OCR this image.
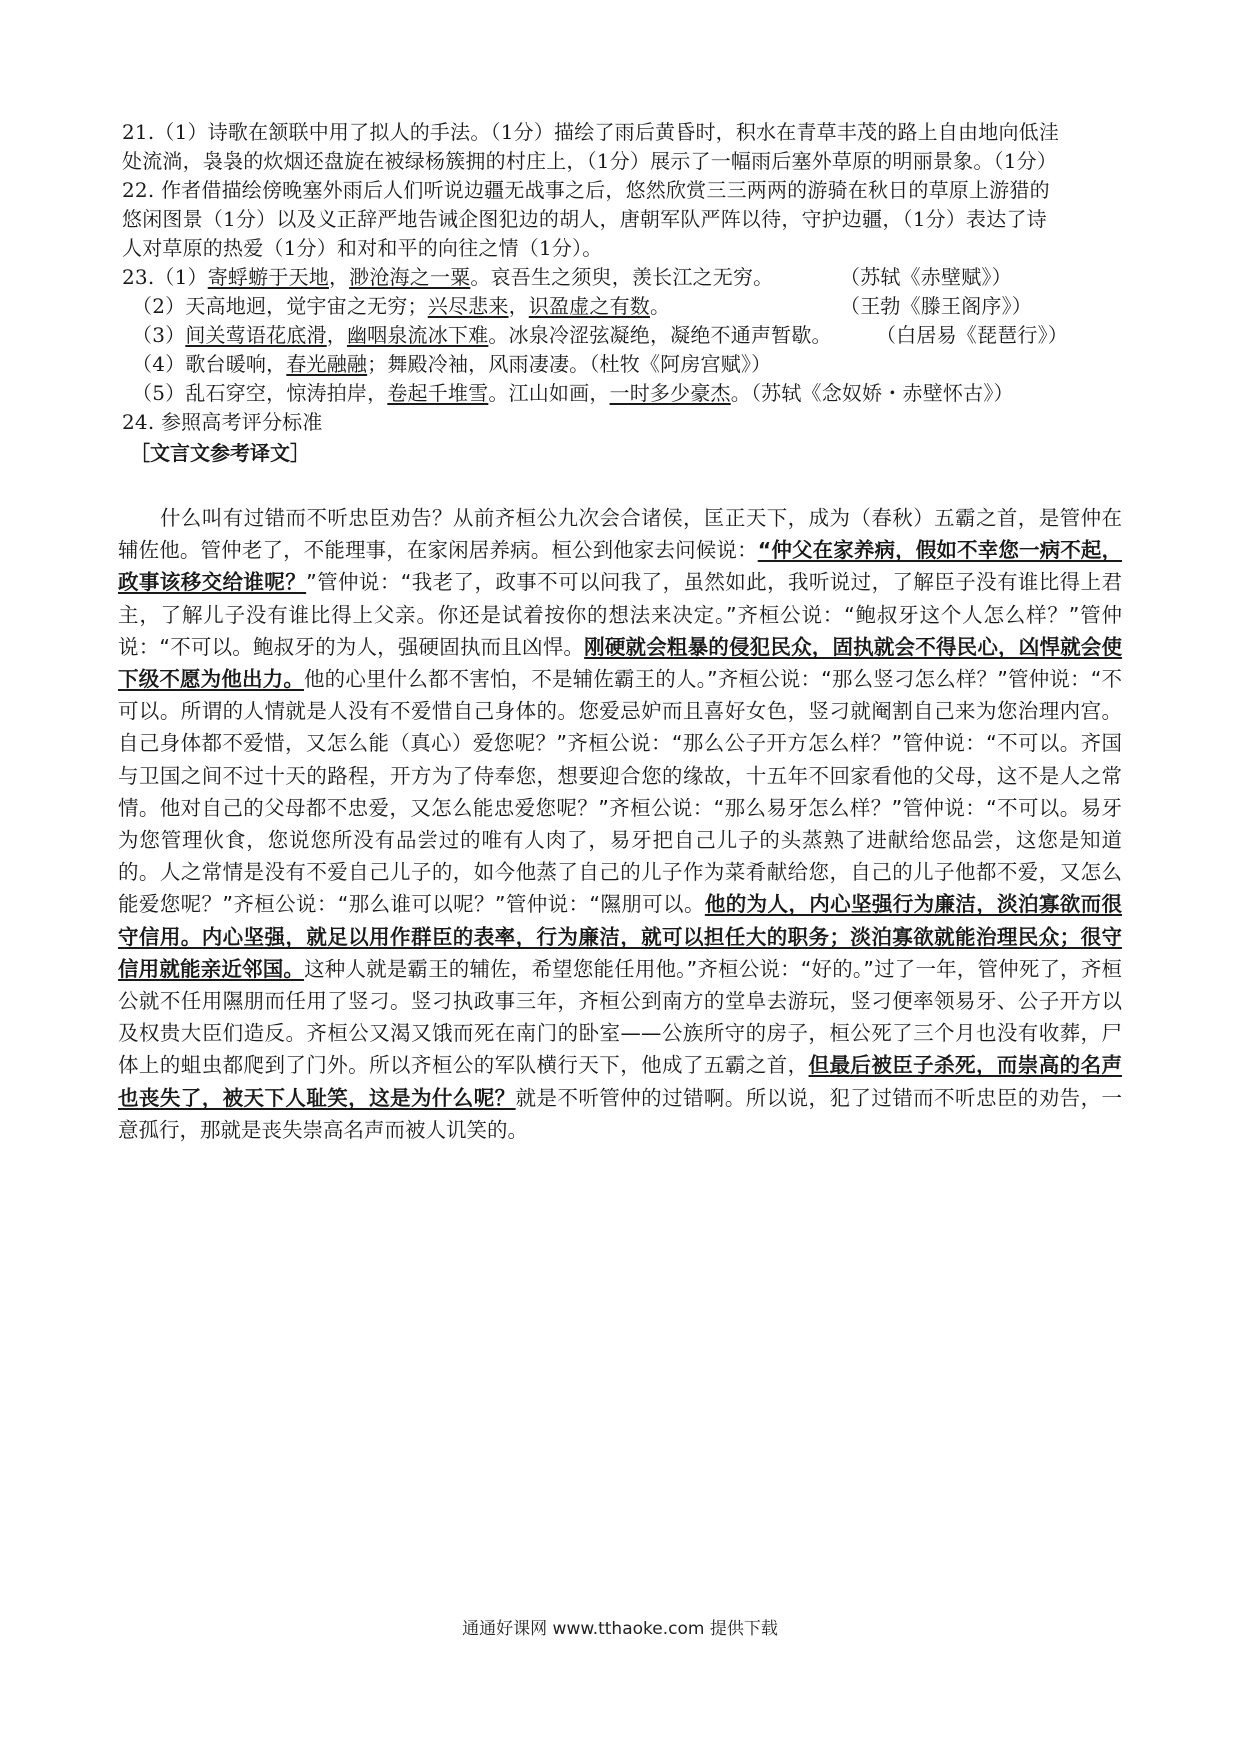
21.（1）诗歌在颔联中用了拟人的手法。（1分）描绘了雨后黄昏时，积水在青草丰茂的路上自由地向低洼
处流淌，袅袅的炊烟还盘旋在被绿杨簇拥的村庄上，（1分）展示了一幅雨后塞外草原的明丽景象。（1分）
22. 作者借描绘傍晚塞外雨后人们听说边疆无战事之后，悠然欣赏三三两两的游骑在秋日的草原上游猎的
悠闲图景（1分）以及义正辞严地告诫企图犯边的胡人，唐朝军队严阵以待，守护边疆，（1分）表达了诗
人对草原的热爱（1分）和对和平的向往之情（1分）。
23.（1）寄蜉蝣于天地，渺沧海之一粟。哀吾生之须臾，羡长江之无穷。	（苏轼《赤壁赋》）
（2）天高地迥，觉宇宙之无穷；兴尽悲来，识盈虚之有数。	（王勃《滕王阁序》）
（3）间关莺语花底滑，幽咽泉流冰下难。冰泉冷涩弦凝绝，凝绝不通声暂歇。 （白居易《琵琶行》）
（4）歌台暖响，春光融融；舞殿冷袖，风雨凄凄。（杜牧《阿房宫赋》）
（5）乱石穿空，惊涛拍岸，卷起千堆雪。江山如画，一时多少豪杰。（苏轼《念奴娇・赤壁怀古》）
24. 参照高考评分标准
［文言文参考译文］

什么叫有过错而不听忠臣劝告？从前齐桓公九次会合诸侯，匡正天下，成为（春秋）五霸之首，是管仲在辅佐他。管仲老了，不能理事，在家闲居养病。桓公到他家去问候说：“仲父在家养病，假如不幸您一病不起，政事该移交给谁呢？”管仲说：“我老了，政事不可以问我了，虽然如此，我听说过，了解臣子没有谁比得上君主，了解儿子没有谁比得上父亲。你还是试着按你的想法来决定。”齐桓公说：“鲍叔牙这个人怎么样？”管仲说：“不可以。鲍叔牙的为人，强硬固执而且凶悍。刚硬就会粗暴的侵犯民众，固执就会不得民心，凶悍就会使下级不愿为他出力。他的心里什么都不害怕，不是辅佐霸王的人。”齐桓公说：“那么竖刁怎么样？”管仲说：“不可以。所谓的人情就是人没有不爱惜自己身体的。您爱忌妒而且喜好女色，竖刁就阉割自己来为您治理内宫。自己身体都不爱惜，又怎么能（真心）爱您呢？”齐桓公说：“那么公子开方怎么样？”管仲说：“不可以。齐国与卫国之间不过十天的路程，开方为了侍奉您，想要迎合您的缘故，十五年不回家看他的父母，这不是人之常情。他对自己的父母都不忠爱，又怎么能忠爱您呢？”齐桓公说：“那么易牙怎么样？”管仲说：“不可以。易牙为您管理伙食，您说您所没有品尝过的唯有人肉了，易牙把自己儿子的头蒸熟了进献给您品尝，这您是知道的。人之常情是没有不爱自己儿子的，如今他蒸了自己的儿子作为菜肴献给您，自己的儿子他都不爱，又怎么能爱您呢？”齐桓公说：“那么谁可以呢？”管仲说：“隰朋可以。他的为人，内心坚强行为廉洁，淡泊寡欲而很守信用。内心坚强，就足以用作群臣的表率，行为廉洁，就可以担任大的职务；淡泊寡欲就能治理民众；很守信用就能亲近邻国。这种人就是霸王的辅佐，希望您能任用他。”齐桓公说：“好的。”过了一年，管仲死了，齐桓公就不任用隰朋而任用了竖刁。竖刁执政事三年，齐桓公到南方的堂阜去游玩，竖刁便率领易牙、公子开方以及权贵大臣们造反。齐桓公又渴又饿而死在南门的卧室——公族所守的房子，桓公死了三个月也没有收葬，尸体上的蛆虫都爬到了门外。所以齐桓公的军队横行天下，他成了五霸之首，但最后被臣子杀死，而崇高的名声也丧失了，被天下人耻笑，这是为什么呢？就是不听管仲的过错啊。所以说，犯了过错而不听忠臣的劝告，一意孤行，那就是丧失崇高名声而被人讥笑的。

通通好课网 www.tthaoke.com 提供下载
